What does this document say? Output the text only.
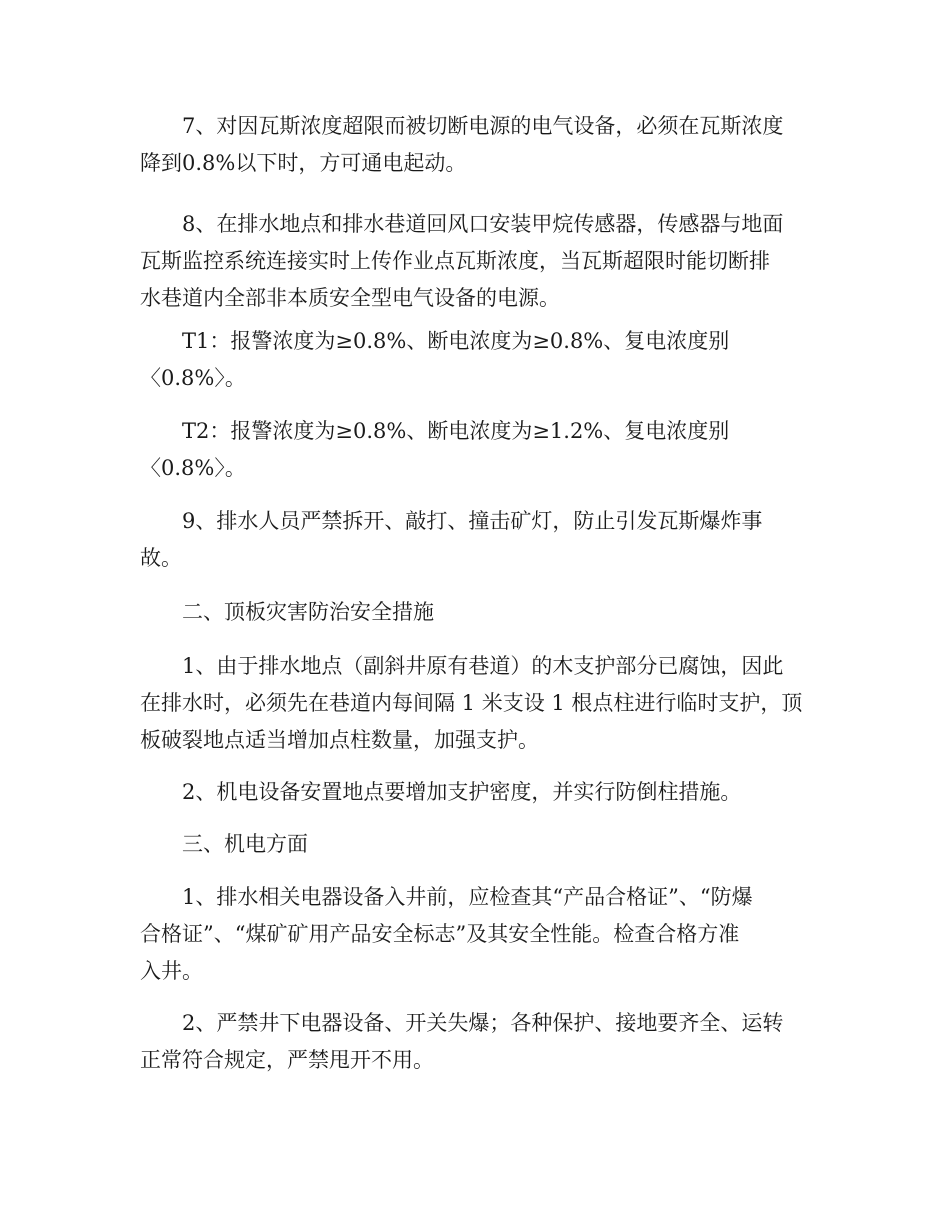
　　7、对因瓦斯浓度超限而被切断电源的电气设备，必须在瓦斯浓度
降到0.8%以下时，方可通电起动。
　　8、在排水地点和排水巷道回风口安装甲烷传感器，传感器与地面
瓦斯监控系统连接实时上传作业点瓦斯浓度，当瓦斯超限时能切断排
水巷道内全部非本质安全型电气设备的电源。
　　T1：报警浓度为≥0.8%、断电浓度为≥0.8%、复电浓度别
〈0.8%〉。
　　T2：报警浓度为≥0.8%、断电浓度为≥1.2%、复电浓度别
〈0.8%〉。
　　9、排水人员严禁拆开、敲打、撞击矿灯，防止引发瓦斯爆炸事
故。
　　二、顶板灾害防治安全措施
　　1、由于排水地点（副斜井原有巷道）的木支护部分已腐蚀，因此
在排水时，必须先在巷道内每间隔 1 米支设 1 根点柱进行临时支护，顶
板破裂地点适当增加点柱数量，加强支护。
　　2、机电设备安置地点要增加支护密度，并实行防倒柱措施。
　　三、机电方面
　　1、排水相关电器设备入井前，应检查其“产品合格证”、“防爆
合格证”、“煤矿矿用产品安全标志”及其安全性能。检查合格方准
入井。
　　2、严禁井下电器设备、开关失爆；各种保护、接地要齐全、运转
正常符合规定，严禁甩开不用。
